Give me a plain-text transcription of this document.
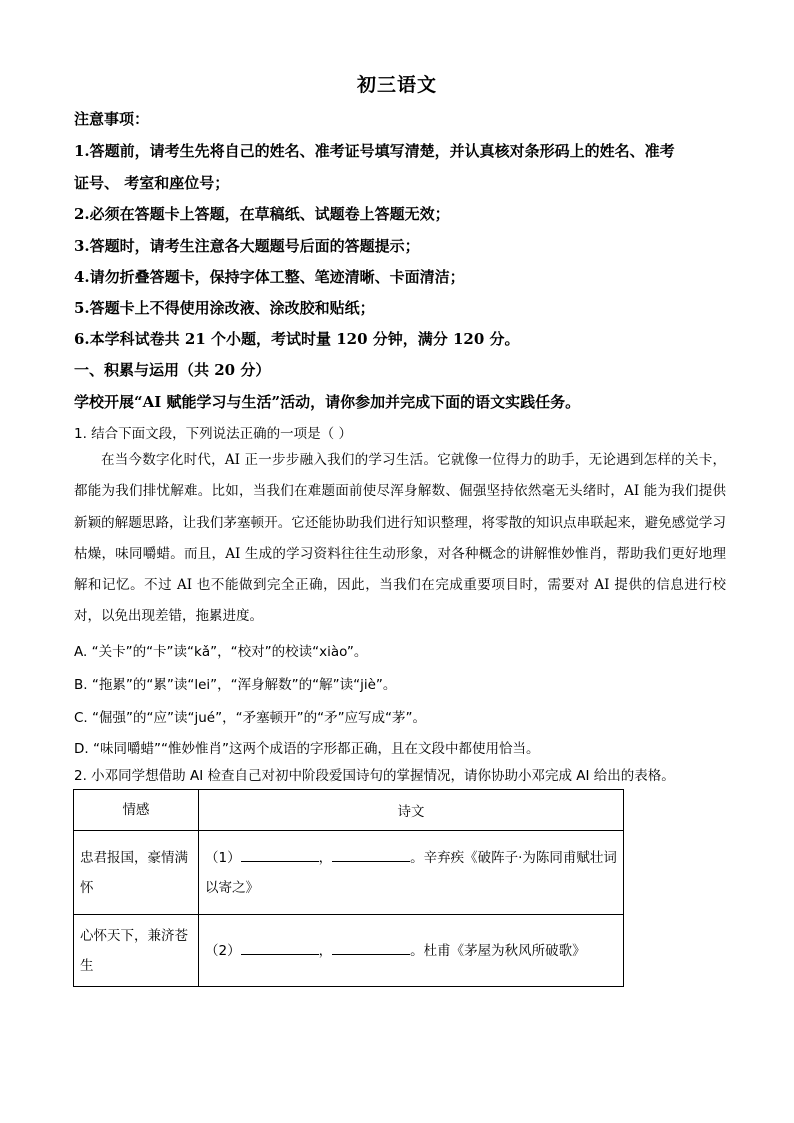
初三语文
注意事项：
1.答题前，请考生先将自己的姓名、准考证号填写清楚，并认真核对条形码上的姓名、准考
证号、 考室和座位号；
2.必须在答题卡上答题，在草稿纸、试题卷上答题无效；
3.答题时，请考生注意各大题题号后面的答题提示；
4.请勿折叠答题卡，保持字体工整、笔迹清晰、卡面清洁；
5.答题卡上不得使用涂改液、涂改胶和贴纸；
6.本学科试卷共 21 个小题，考试时量 120 分钟，满分 120 分。
一、积累与运用（共 20 分）
学校开展“AI 赋能学习与生活”活动，请你参加并完成下面的语文实践任务。
1. 结合下面文段，下列说法正确的一项是（ ）

在当今数字化时代，AI 正一步步融入我们的学习生活。它就像一位得力的助手，无论遇到怎样的关卡，都能为我们排忧解难。比如，当我们在难题面前使尽浑身解数、倔强坚持依然毫无头绪时，AI 能为我们提供新颖的解题思路，让我们茅塞顿开。它还能协助我们进行知识整理，将零散的知识点串联起来，避免感觉学习枯燥，味同嚼蜡。而且，AI 生成的学习资料往往生动形象，对各种概念的讲解惟妙惟肖，帮助我们更好地理解和记忆。不过 AI 也不能做到完全正确，因此，当我们在完成重要项目时，需要对 AI 提供的信息进行校对，以免出现差错，拖累进度。

A. “关卡”的“卡”读“kǎ”，“校对”的校读“xiào”。
B. “拖累”的“累”读“lei”，“浑身解数”的“解”读“jiè”。
C. “倔强”的“应”读“jué”，“矛塞顿开”的“矛”应写成“茅”。
D. “味同嚼蜡”“惟妙惟肖”这两个成语的字形都正确，且在文段中都使用恰当。
2. 小邓同学想借助 AI 检查自己对初中阶段爱国诗句的掌握情况，请你协助小邓完成 AI 给出的表格。
情感	诗文
忠君报国，豪情满怀	（1） ， 。辛弃疾《破阵子·为陈同甫赋壮词以寄之》
心怀天下，兼济苍生	（2） ， 。杜甫《茅屋为秋风所破歌》
